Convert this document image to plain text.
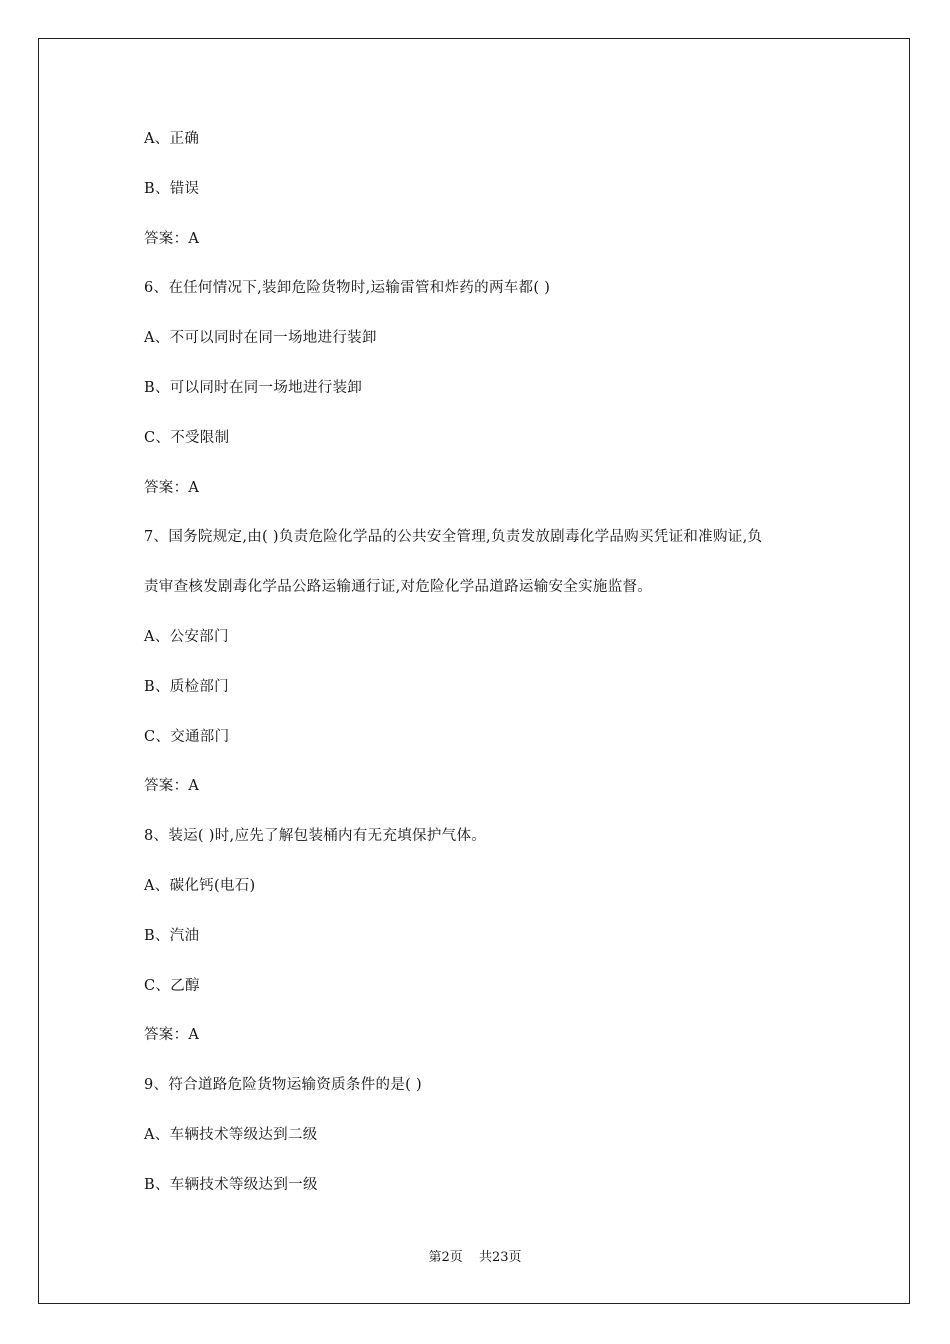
A、正确
B、错误
答案：A
6、在任何情况下,装卸危险货物时,运输雷管和炸药的两车都( )
A、不可以同时在同一场地进行装卸
B、可以同时在同一场地进行装卸
C、不受限制
答案：A
7、国务院规定,由( )负责危险化学品的公共安全管理,负责发放剧毒化学品购买凭证和准购证,负
责审查核发剧毒化学品公路运输通行证,对危险化学品道路运输安全实施监督。
A、公安部门
B、质检部门
C、交通部门
答案：A
8、装运( )时,应先了解包装桶内有无充填保护气体。
A、碳化钙(电石)
B、汽油
C、乙醇
答案：A
9、符合道路危险货物运输资质条件的是( )
A、车辆技术等级达到二级
B、车辆技术等级达到一级
第2页 共23页
